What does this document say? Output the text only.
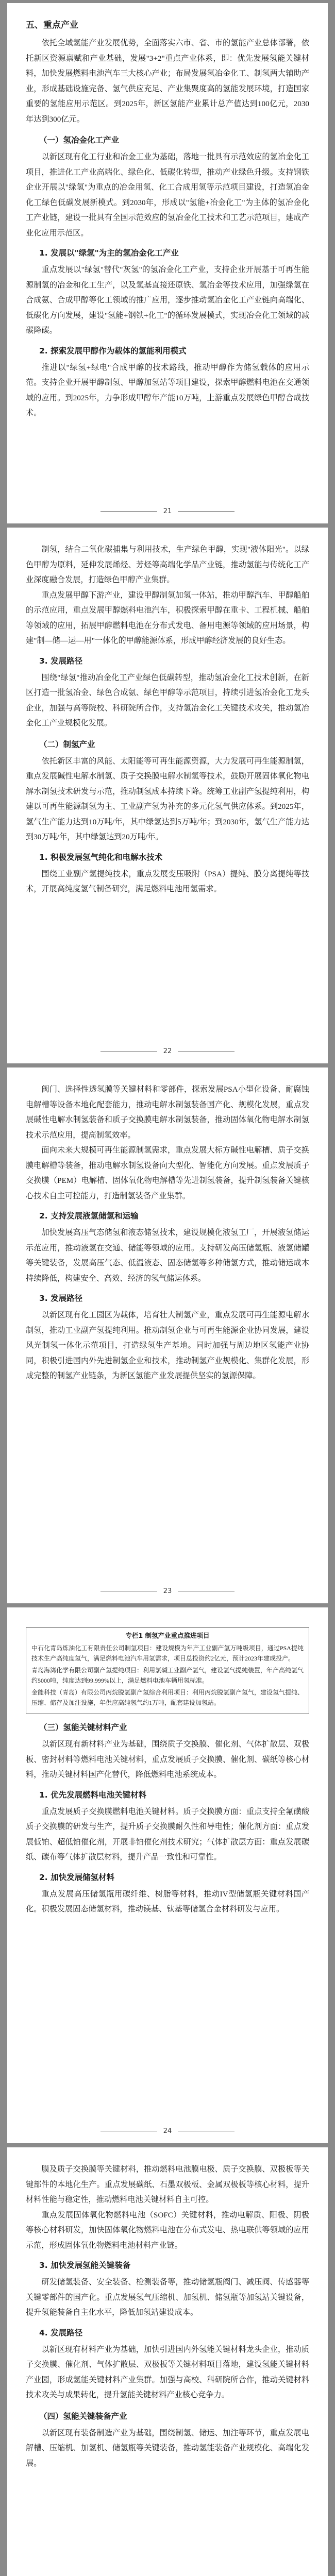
五、重点产业

依托全域氢能产业发展优势，全面落实六市、省、市的氢能产业总体部署，依托新区资源禀赋和产业基础，发展"3+2"重点产业体系，即：优先发展氢能关键材料，加快发展燃料电池汽车三大核心产业；布局发展氢冶金化工、制氢两大辅助产业，形成基础设施完备、氢气供应充足、产业集聚度高的氢能发展环境，打造国家重要的氢能应用示范区。到2025年，新区氢能产业累计总产值达到100亿元，2030年达到300亿元。

（一）氢冶金化工产业

以新区现有化工行业和冶金工业为基础，落地一批具有示范效应的氢冶金化工项目，推进化工产业高端化、绿色化、低碳化转型，推动产业绿色升级。支持钢铁企业开展以"绿氢"为重点的冶金用氢、化工合成用氢等示范项目建设，打造氢冶金化工绿色低碳发展新模式。到2030年，形成以"氢能+冶金化工"为主体的氢冶金化工产业链，建设一批具有全国示范效应的氢冶金化工技术和工艺示范项目，建成产业化应用示范区。

1. 发展以"绿氢"为主的氢冶金化工产业

重点发展以"绿氢"替代"灰氢"的氢冶金化工产业，支持企业开展基于可再生能源制氢的冶金和化工生产，以及氢基直接还原铁、氢冶金等技术应用，加强绿氢在合成氨、合成甲醇等化工领域的推广应用，逐步推动氢冶金化工产业链向高端化、低碳化方向发展，建设"氢能+钢铁+化工"的循环发展模式，实现冶金化工领域的减碳降碳。

2. 探索发展甲醇作为载体的氢能利用模式

推进以"绿氢+绿电"合成甲醇的技术路线，推动甲醇作为储氢载体的应用示范。支持企业开展甲醇制氢、甲醇加氢站等项目建设，探索甲醇燃料电池在交通领域的应用。到2025年，力争形成甲醇年产能10万吨，上游重点发展绿色甲醇合成技术。

21

制氢，结合二氧化碳捕集与利用技术，生产绿色甲醇，实现"液体阳光"。以绿色甲醇为原料，延伸发展烯烃、芳烃等高端化学品产业链，推动氢能与传统化工产业深度融合发展，打造绿色甲醇产业集群。

重点发展甲醇下游产业，建设甲醇制氢加氢一体站，推动甲醇汽车、甲醇船舶的示范应用，重点发展甲醇燃料电池汽车，积极探索甲醇在重卡、工程机械、船舶等领域的应用，拓展甲醇燃料电池在分布式发电、备用电源等领域的应用场景，构建"制—储—运—用"一体化的甲醇能源体系，形成甲醇经济发展的良好生态。

3. 发展路径

围绕"绿氢"推动冶金化工产业绿色低碳转型，推动氢冶金化工技术创新，在新区打造一批氢冶金、绿色合成氨、绿色甲醇等示范项目，持续引进氢冶金化工龙头企业，加强与高等院校、科研院所合作，支持氢冶金化工关键技术攻关，推动氢冶金化工产业规模化发展。

（二）制氢产业

依托新区丰富的风能、太阳能等可再生能源资源，大力发展可再生能源制氢，重点发展碱性电解水制氢、质子交换膜电解水制氢等技术，鼓励开展固体氧化物电解水制氢技术研发与示范，推动制氢成本持续下降。统筹工业副产氢提纯利用，构建以可再生能源制氢为主、工业副产氢为补充的多元化氢气供应体系。到2025年，氢气生产能力达到10万吨/年，其中绿氢达到5万吨/年；到2030年，氢气生产能力达到30万吨/年，其中绿氢达到20万吨/年。

1. 积极发展氢气纯化和电解水技术

围绕工业副产氢提纯技术，重点发展变压吸附（PSA）提纯、膜分离提纯等技术，开展高纯度氢气制备研究，满足燃料电池用氢需求。

22

阀门、选择性透氢膜等关键材料和零部件，探索发展PSA小型化设备、耐腐蚀电解槽等设备本地化配套能力，推动电解水制氢装备国产化、规模化发展，重点发展碱性电解水制氢装备和质子交换膜电解水制氢装备，推动固体氧化物电解水制氢技术示范应用，提高制氢效率。

面向未来大规模可再生能源制氢需求，重点发展大标方碱性电解槽、质子交换膜电解槽等装备，推动电解水制氢设备向大型化、智能化方向发展。重点发展质子交换膜（PEM）电解槽、固体氧化物电解槽等先进制氢装备，提升制氢装备关键核心技术自主可控能力，打造制氢装备产业集群。

2. 支持发展液氢储氢和运输

加快发展高压气态储氢和液态储氢技术，建设规模化液氢工厂，开展液氢储运示范应用，推动液氢在交通、储能等领域的应用。支持研发高压储氢瓶、液氢储罐等关键装备，发展高压气态、低温液态、固态储氢等多种储氢方式，推动储运成本持续降低，构建安全、高效、经济的氢气储运体系。

3. 发展路径

以新区现有化工园区为载体，培育壮大制氢产业，重点发展可再生能源电解水制氢，推动工业副产氢提纯利用。推动制氢企业与可再生能源企业协同发展，建设风光制氢一体化示范项目，打造绿氢生产基地。同时加强与周边地区氢能产业协同，积极引进国内外先进制氢企业和技术，推动制氢产业规模化、集群化发展，形成完整的制氢产业链条，为新区氢能产业发展提供坚实的氢源保障。

23
专栏1 制氢产业重点推进项目

中石化青岛炼油化工有限责任公司制氢项目：建设规模为年产工业副产氢万吨级项目，通过PSA提纯技术生产高纯度氢气，满足燃料电池汽车用氢需求，项目总投资约2亿元，预计2023年建成投产。

青岛海湾化学有限公司副产氢提纯项目：利用氯碱工业副产氢气，建设氢气提纯装置，年产高纯氢气约5000吨，纯度达到99.999%以上，满足燃料电池车辆用氢标准。

金能科技（青岛）有限公司丙烷脱氢副产氢综合利用项目：利用丙烷脱氢副产氢气，建设氢气提纯、压缩、储存及加注设施，年供应高纯氢气约1万吨，配套建设加氢站。

（三）氢能关键材料产业

以新区现有新材料产业为基础，围绕质子交换膜、催化剂、气体扩散层、双极板、密封材料等燃料电池关键材料，重点发展质子交换膜、催化剂、碳纸等核心材料，推动关键材料国产化替代，降低燃料电池系统成本。

1. 优先发展燃料电池关键材料

重点发展质子交换膜燃料电池关键材料。质子交换膜方面：重点支持全氟磺酸质子交换膜的研发与生产，提升质子交换膜耐久性和导电性；催化剂方面：重点发展低铂、超低铂催化剂，开展非铂催化剂技术研究；气体扩散层方面：重点发展碳纸、碳布等气体扩散层材料，提升产品一致性和可靠性。

2. 加快发展储氢材料

重点发展高压储氢瓶用碳纤维、树脂等材料，推动IV型储氢瓶关键材料国产化。积极发展固态储氢材料，推动镁基、钛基等储氢合金材料研发与应用。

24

膜及质子交换膜等关键材料，推动燃料电池膜电极、质子交换膜、双极板等关键部件的本地化生产。重点发展碳纸、石墨双极板、金属双极板等核心材料，提升材料性能与稳定性，推动燃料电池关键材料自主可控。

重点发展固体氧化物燃料电池（SOFC）关键材料，推动电解质、阳极、阴极等核心材料研发，加快固体氧化物燃料电池在分布式发电、热电联供等领域的应用示范，形成固体氧化物燃料电池材料产业链。

3. 加快发展氢能关键装备

研发储氢装备、安全装备、检测装备等，推动储氢瓶阀门、减压阀、传感器等关键零部件的国产化。重点发展氢气压缩机、加氢机、储氢瓶等加氢站关键设备，提升氢能装备自主化水平，降低加氢站建设成本。

4. 发展路径

以新区现有材料产业为基础，加快引进国内外氢能关键材料龙头企业，推动质子交换膜、催化剂、气体扩散层、双极板等关键材料项目落地，建设氢能关键材料产业园，形成氢能关键材料产业集群。加强与高校、科研院所合作，推动关键材料技术攻关与成果转化，提升氢能关键材料产业核心竞争力。

（四）氢能关键装备产业

以新区现有装备制造产业为基础，围绕制氢、储运、加注等环节，重点发展电解槽、压缩机、加氢机、储氢瓶等关键装备，推动氢能装备产业规模化、高端化发展。
